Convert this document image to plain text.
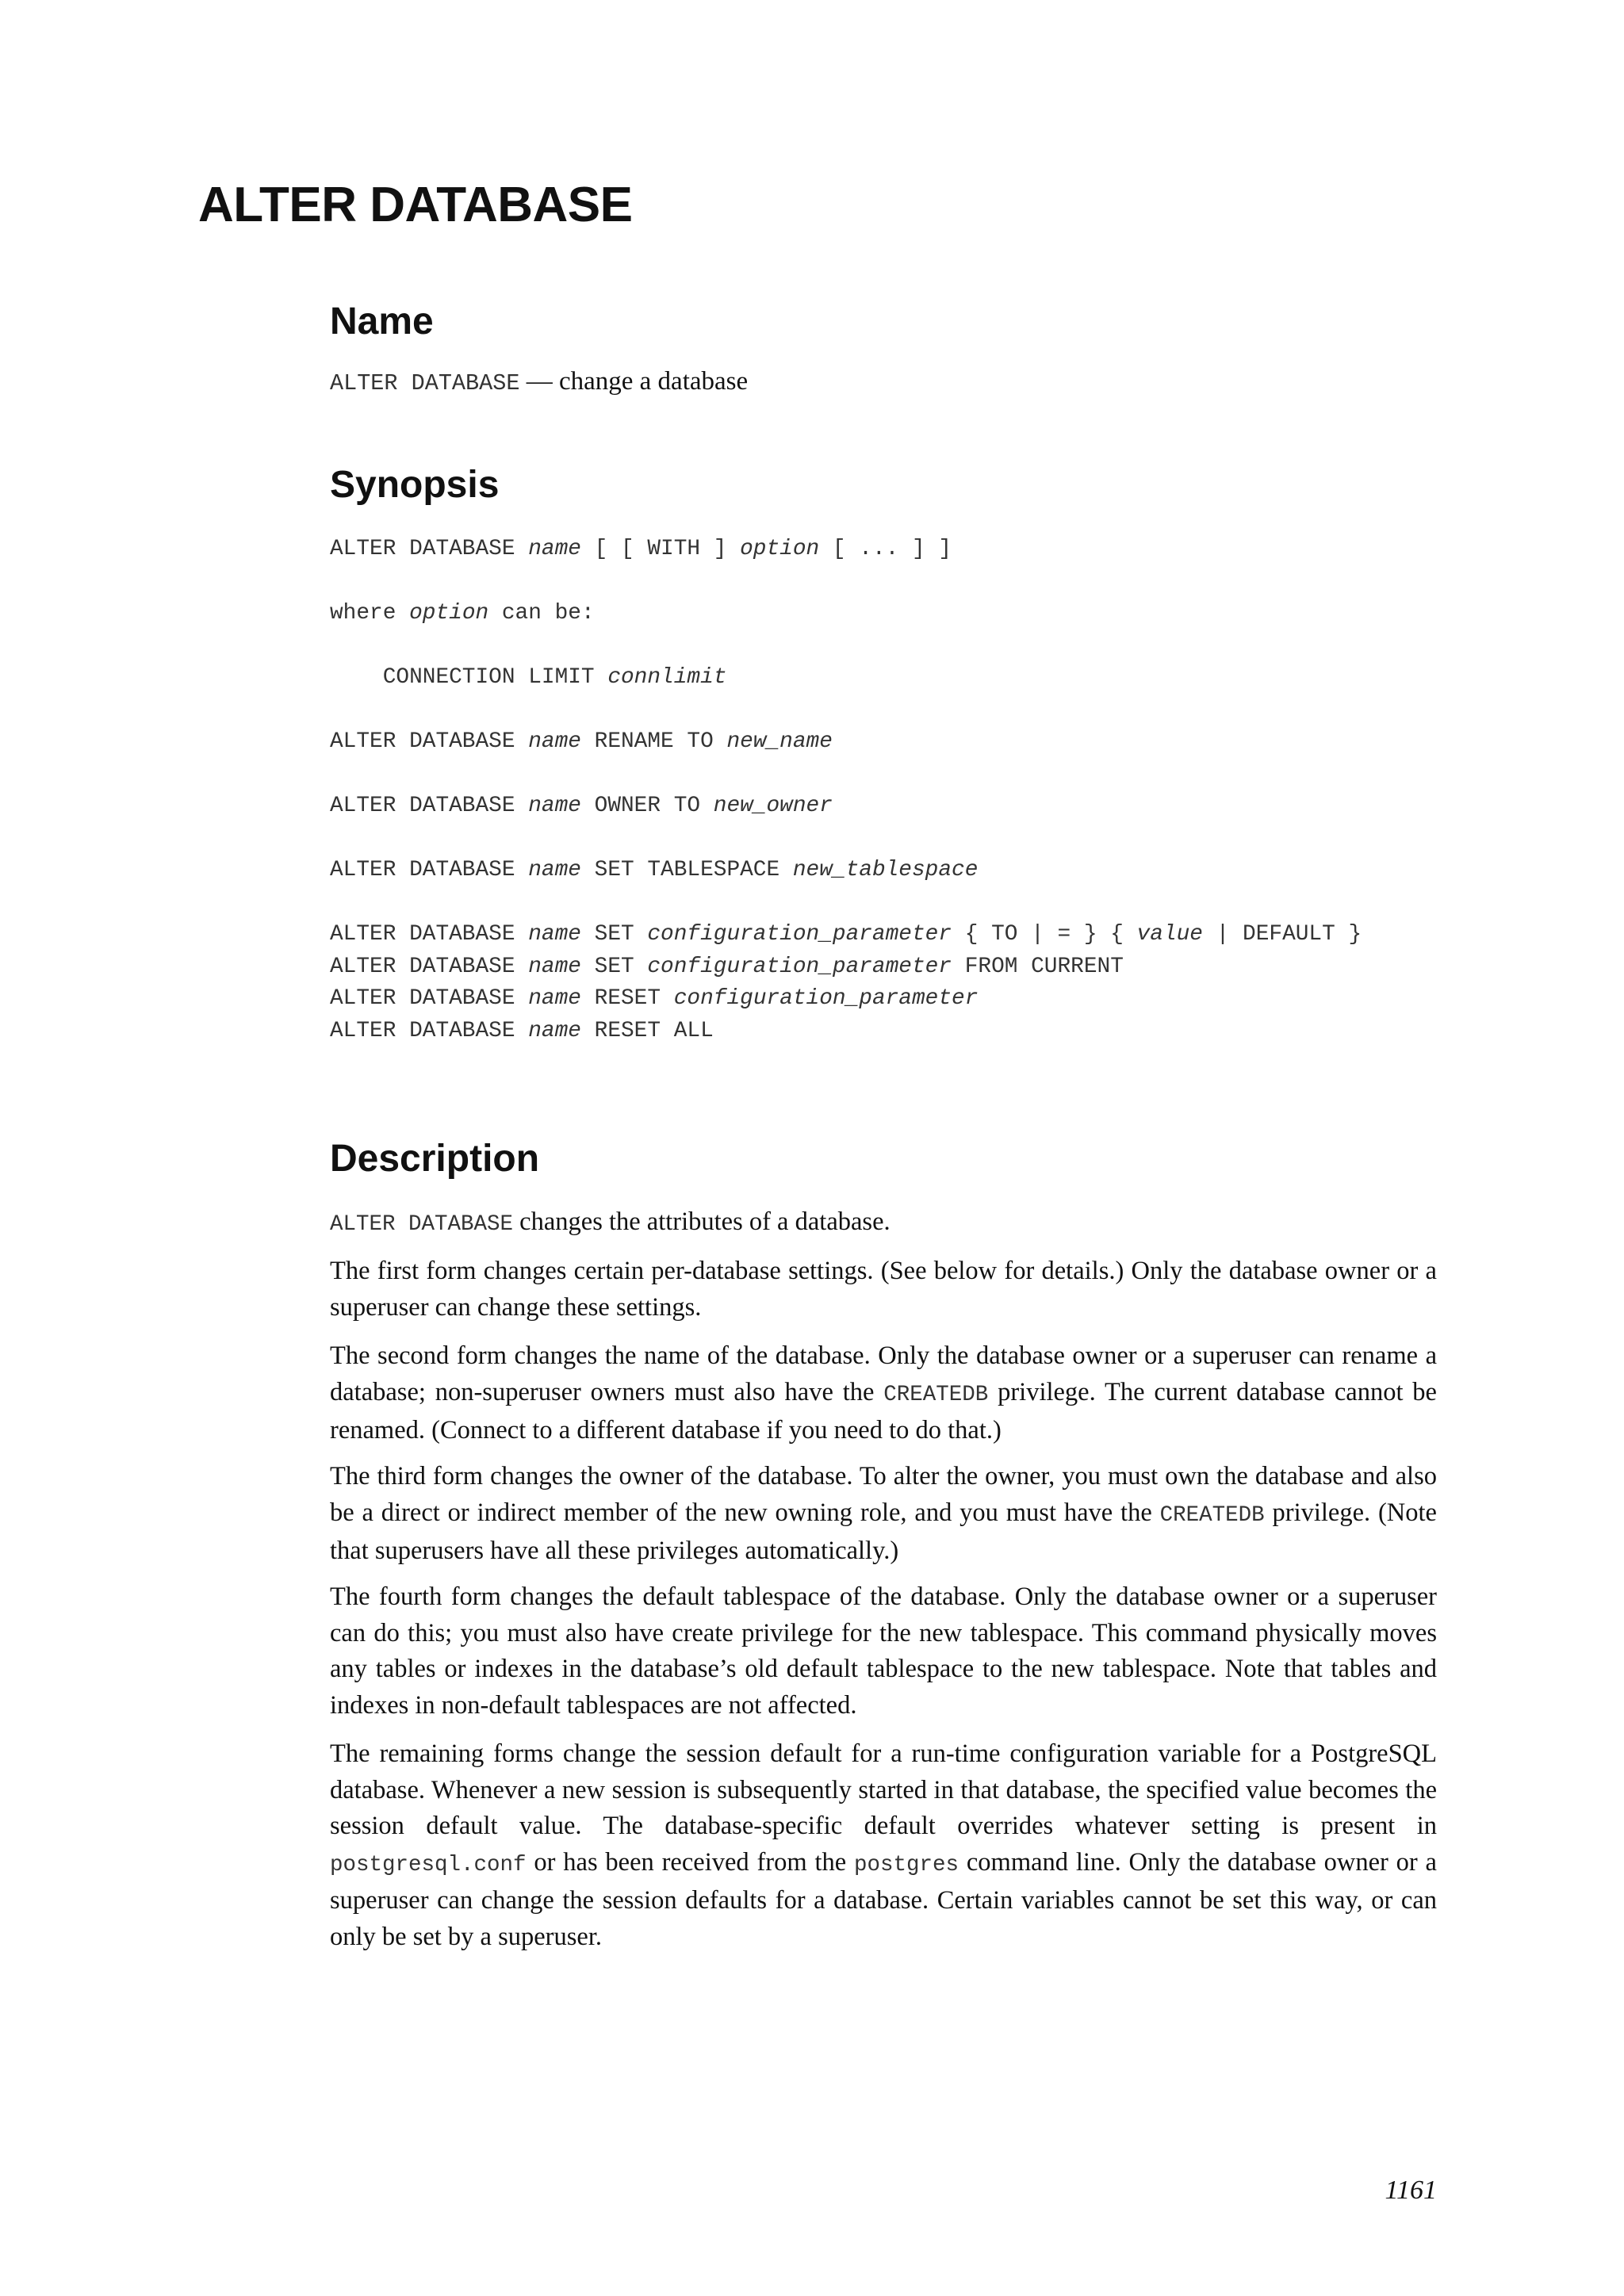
ALTER DATABASE
Name
ALTER DATABASE — change a database
Synopsis
ALTER DATABASE name [ [ WITH ] option [ ... ] ]
where option can be:
CONNECTION LIMIT connlimit
ALTER DATABASE name RENAME TO new_name
ALTER DATABASE name OWNER TO new_owner
ALTER DATABASE name SET TABLESPACE new_tablespace
ALTER DATABASE name SET configuration_parameter { TO | = } { value | DEFAULT }
ALTER DATABASE name SET configuration_parameter FROM CURRENT
ALTER DATABASE name RESET configuration_parameter
ALTER DATABASE name RESET ALL
Description

ALTER DATABASE changes the attributes of a database.

The first form changes certain per-database settings. (See below for details.) Only the database owner or a superuser can change these settings.

The second form changes the name of the database. Only the database owner or a superuser can rename a database; non-superuser owners must also have the CREATEDB privilege. The current database cannot be renamed. (Connect to a different database if you need to do that.)

The third form changes the owner of the database. To alter the owner, you must own the database and also be a direct or indirect member of the new owning role, and you must have the CREATEDB privilege. (Note that superusers have all these privileges automatically.)

The fourth form changes the default tablespace of the database. Only the database owner or a superuser can do this; you must also have create privilege for the new tablespace. This command physically moves any tables or indexes in the database’s old default tablespace to the new tablespace. Note that tables and indexes in non-default tablespaces are not affected.

The remaining forms change the session default for a run-time configuration variable for a PostgreSQL database. Whenever a new session is subsequently started in that database, the specified value becomes the session default value. The database-specific default overrides whatever setting is present in postgresql.conf or has been received from the postgres command line. Only the database owner or a superuser can change the session defaults for a database. Certain variables cannot be set this way, or can only be set by a superuser.

1161
